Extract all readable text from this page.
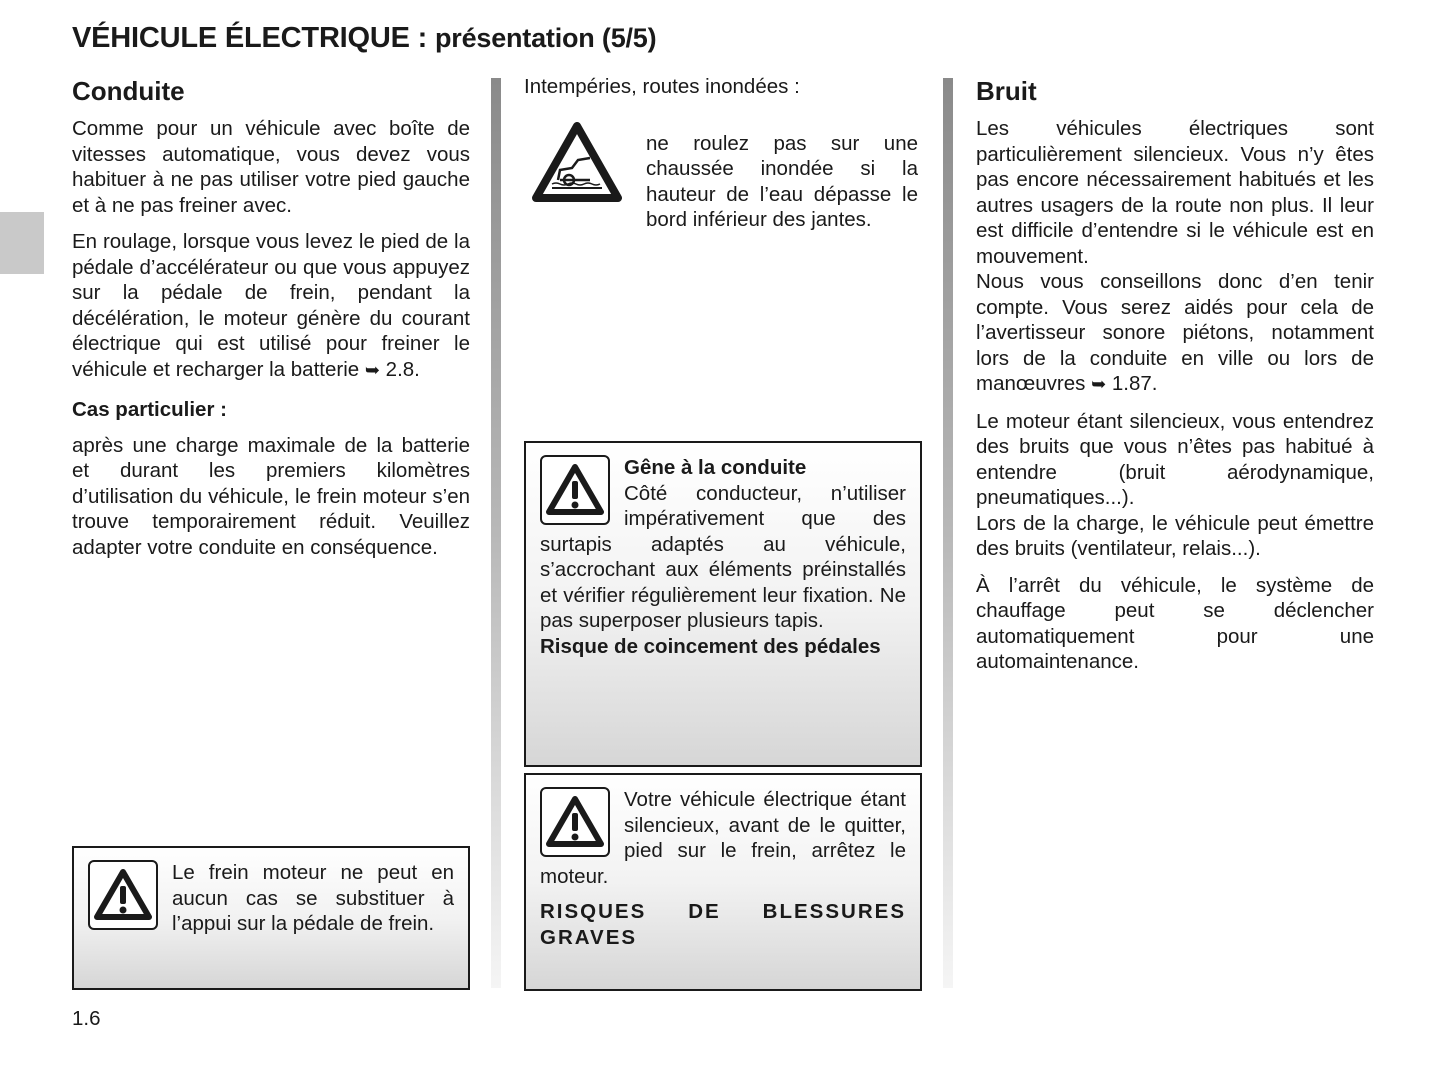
VÉHICULE ÉLECTRIQUE : présentation (5/5)
Conduite

Comme pour un véhicule avec boîte de vitesses automatique, vous devez vous habituer à ne pas utiliser votre pied gauche et à ne pas freiner avec.

En roulage, lorsque vous levez le pied de la pédale d’accélérateur ou que vous appuyez sur la pédale de frein, pendant la décélération, le moteur génère du courant électrique qui est utilisé pour freiner le véhicule et recharger la batterie ➥ 2.8.

Cas particulier :

après une charge maximale de la batterie et durant les premiers kilomètres d’utilisation du véhicule, le frein moteur s’en trouve temporairement réduit. Veuillez adapter votre conduite en conséquence.

Le frein moteur ne peut en aucun cas se substituer à l’appui sur la pédale de frein.

Intempéries, routes inondées :

ne roulez pas sur une chaussée inondée si la hauteur de l’eau dépasse le bord inférieur des jantes.

Gêne à la conduite

Côté conducteur, n’utiliser impérativement que des surtapis adaptés au véhicule, s’accrochant aux éléments préinstallés et vérifier régulièrement leur fixation. Ne pas superposer plusieurs tapis.

Risque de coincement des pédales

Votre véhicule électrique étant silencieux, avant de le quitter, pied sur le frein, arrêtez le moteur.

RISQUES DE BLESSURES GRAVES

Bruit

Les véhicules électriques sont particulièrement silencieux. Vous n’y êtes pas encore nécessairement habitués et les autres usagers de la route non plus. Il leur est difficile d’entendre si le véhicule est en mouvement.

Nous vous conseillons donc d’en tenir compte. Vous serez aidés pour cela de l’avertisseur sonore piétons, notamment lors de la conduite en ville ou lors de manœuvres ➥ 1.87.

Le moteur étant silencieux, vous entendrez des bruits que vous n’êtes pas habitué à entendre (bruit aérodynamique, pneumatiques...).

Lors de la charge, le véhicule peut émettre des bruits (ventilateur, relais...).

À l’arrêt du véhicule, le système de chauffage peut se déclencher automatiquement pour une automaintenance.

1.6
